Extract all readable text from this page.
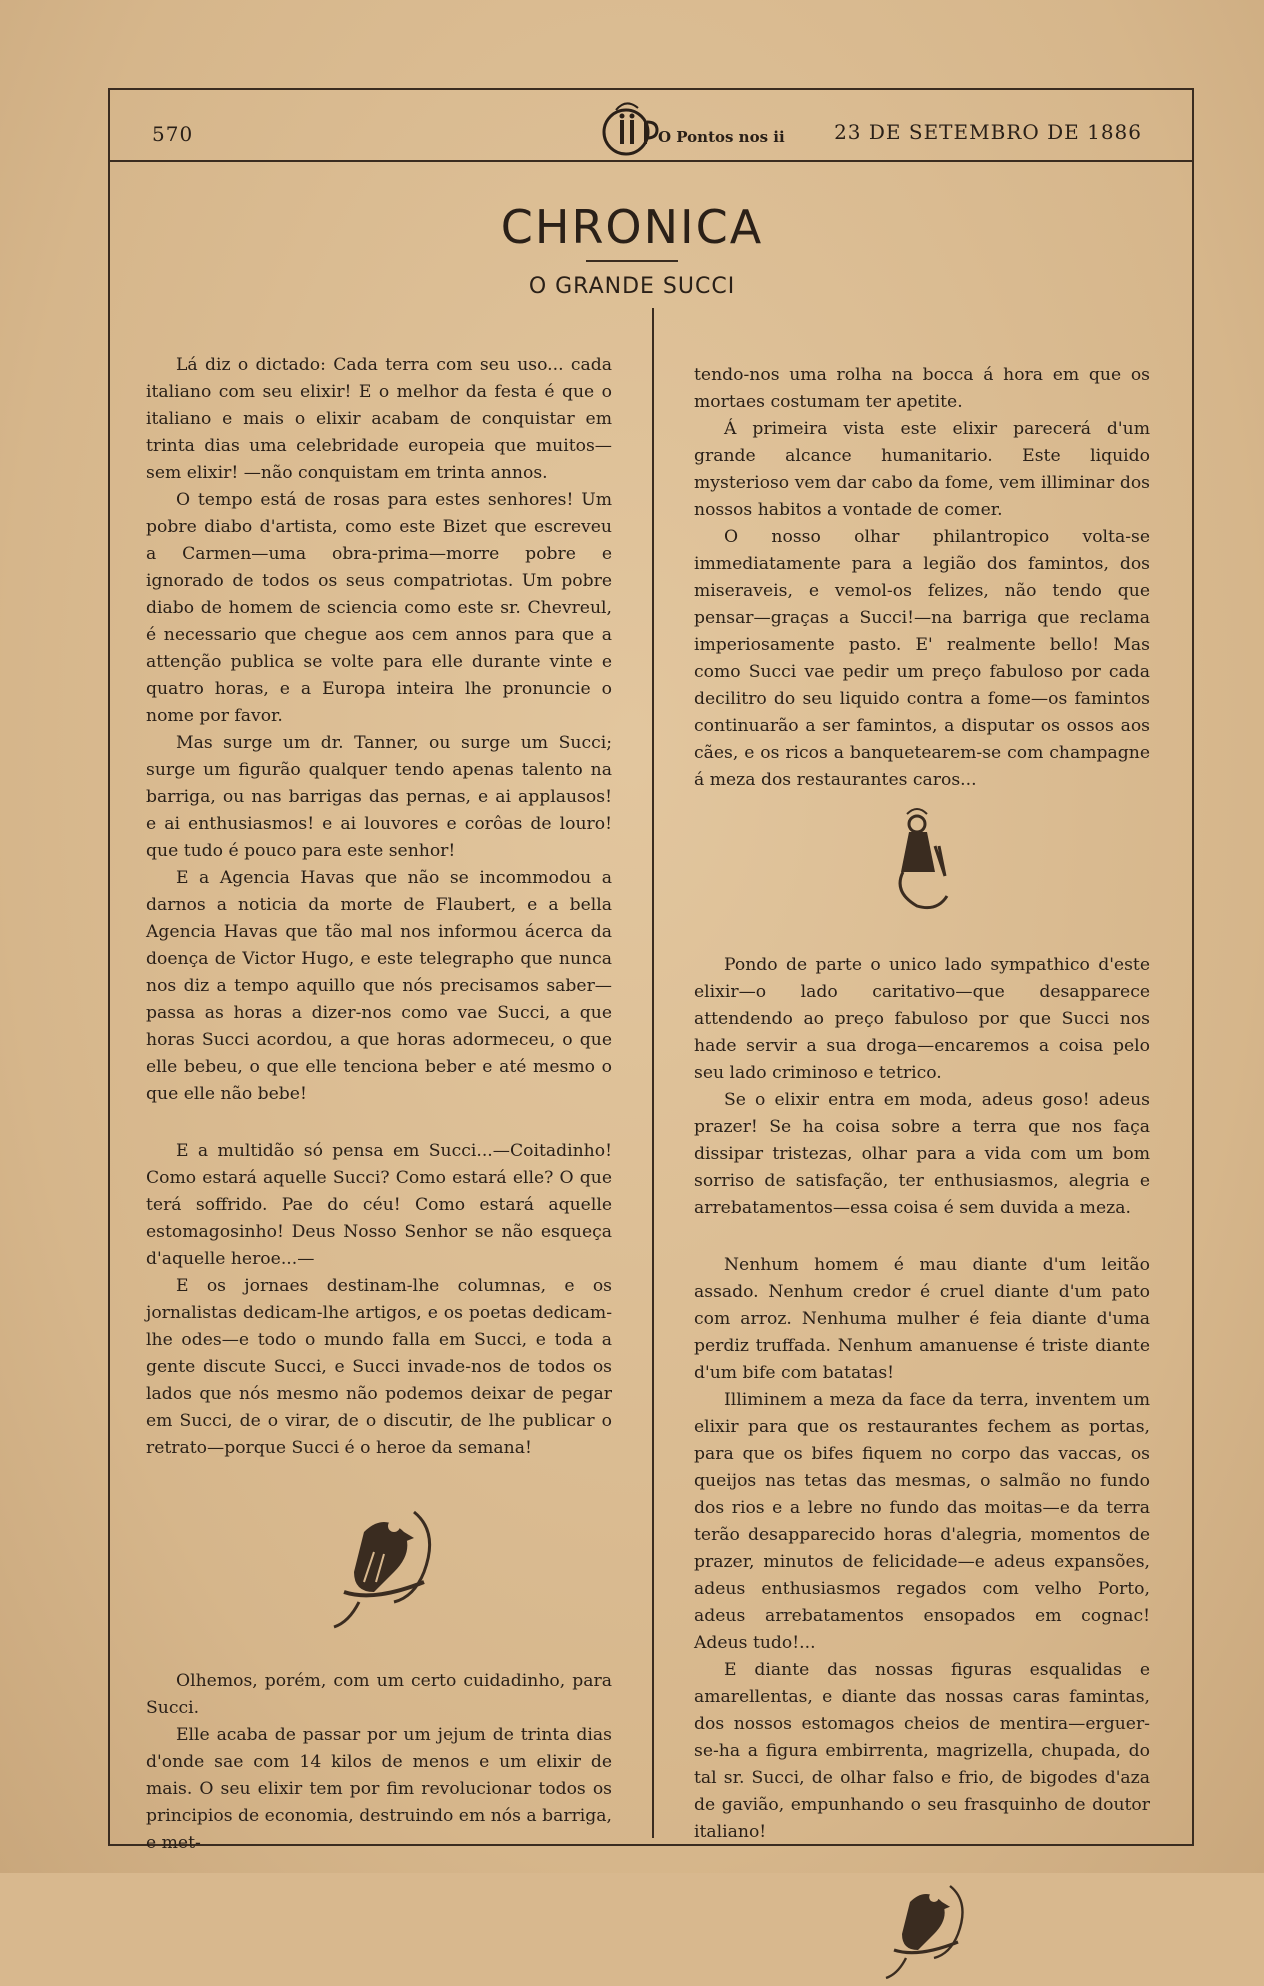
570	O Pontos nos ii 23 DE SETEMBRO DE 1886
CHRONICA
O GRANDE SUCCI

Lá diz o dictado: Cada terra com seu uso... cada italiano com seu elixir! E o melhor da festa é que o italiano e mais o elixir acabam de conquistar em trinta dias uma celebridade europeia que muitos—sem elixir! —não conquistam em trinta annos.

O tempo está de rosas para estes senhores! Um pobre diabo d'artista, como este Bizet que escreveu a Carmen—uma obra-prima—morre pobre e ignorado de todos os seus compatriotas. Um pobre diabo de homem de sciencia como este sr. Chevreul, é necessario que chegue aos cem annos para que a attenção publica se volte para elle durante vinte e quatro horas, e a Europa inteira lhe pronuncie o nome por favor.

Mas surge um dr. Tanner, ou surge um Succi; surge um figurão qualquer tendo apenas talento na barriga, ou nas barrigas das pernas, e ai applausos! e ai enthusiasmos! e ai louvores e corôas de louro! que tudo é pouco para este senhor!

E a Agencia Havas que não se incommodou a darnos a noticia da morte de Flaubert, e a bella Agencia Havas que tão mal nos informou ácerca da doença de Victor Hugo, e este telegrapho que nunca nos diz a tempo aquillo que nós precisamos saber—passa as horas a dizer-nos como vae Succi, a que horas Succi acordou, a que horas adormeceu, o que elle bebeu, o que elle tenciona beber e até mesmo o que elle não bebe!

E a multidão só pensa em Succi...—Coitadinho! Como estará aquelle Succi? Como estará elle? O que terá soffrido. Pae do céu! Como estará aquelle estomagosinho! Deus Nosso Senhor se não esqueça d'aquelle heroe...—

E os jornaes destinam-lhe columnas, e os jornalistas dedicam-lhe artigos, e os poetas dedicam-lhe odes—e todo o mundo falla em Succi, e toda a gente discute Succi, e Succi invade-nos de todos os lados que nós mesmo não podemos deixar de pegar em Succi, de o virar, de o discutir, de lhe publicar o retrato—porque Succi é o heroe da semana!

Olhemos, porém, com um certo cuidadinho, para Succi.

Elle acaba de passar por um jejum de trinta dias d'onde sae com 14 kilos de menos e um elixir de mais. O seu elixir tem por fim revolucionar todos os principios de economia, destruindo em nós a barriga, e met-

tendo-nos uma rolha na bocca á hora em que os mortaes costumam ter apetite.

Á primeira vista este elixir parecerá d'um grande alcance humanitario. Este liquido mysterioso vem dar cabo da fome, vem illiminar dos nossos habitos a vontade de comer.

O nosso olhar philantropico volta-se immediatamente para a legião dos famintos, dos miseraveis, e vemol-os felizes, não tendo que pensar—graças a Succi!—na barriga que reclama imperiosamente pasto. E' realmente bello! Mas como Succi vae pedir um preço fabuloso por cada decilitro do seu liquido contra a fome—os famintos continuarão a ser famintos, a disputar os ossos aos cães, e os ricos a banquetearem-se com champagne á meza dos restaurantes caros...

Pondo de parte o unico lado sympathico d'este elixir—o lado caritativo—que desapparece attendendo ao preço fabuloso por que Succi nos hade servir a sua droga—encaremos a coisa pelo seu lado criminoso e tetrico.

Se o elixir entra em moda, adeus goso! adeus prazer! Se ha coisa sobre a terra que nos faça dissipar tristezas, olhar para a vida com um bom sorriso de satisfação, ter enthusiasmos, alegria e arrebatamentos—essa coisa é sem duvida a meza.

Nenhum homem é mau diante d'um leitão assado. Nenhum credor é cruel diante d'um pato com arroz. Nenhuma mulher é feia diante d'uma perdiz truffada. Nenhum amanuense é triste diante d'um bife com batatas!

Illiminem a meza da face da terra, inventem um elixir para que os restaurantes fechem as portas, para que os bifes fiquem no corpo das vaccas, os queijos nas tetas das mesmas, o salmão no fundo dos rios e a lebre no fundo das moitas—e da terra terão desapparecido horas d'alegria, momentos de prazer, minutos de felicidade—e adeus expansões, adeus enthusiasmos regados com velho Porto, adeus arrebatamentos ensopados em cognac! Adeus tudo!...

E diante das nossas figuras esqualidas e amarellentas, e diante das nossas caras famintas, dos nossos estomagos cheios de mentira—erguer-se-ha a figura embirrenta, magrizella, chupada, do tal sr. Succi, de olhar falso e frio, de bigodes d'aza de gavião, empunhando o seu frasquinho de doutor italiano!
